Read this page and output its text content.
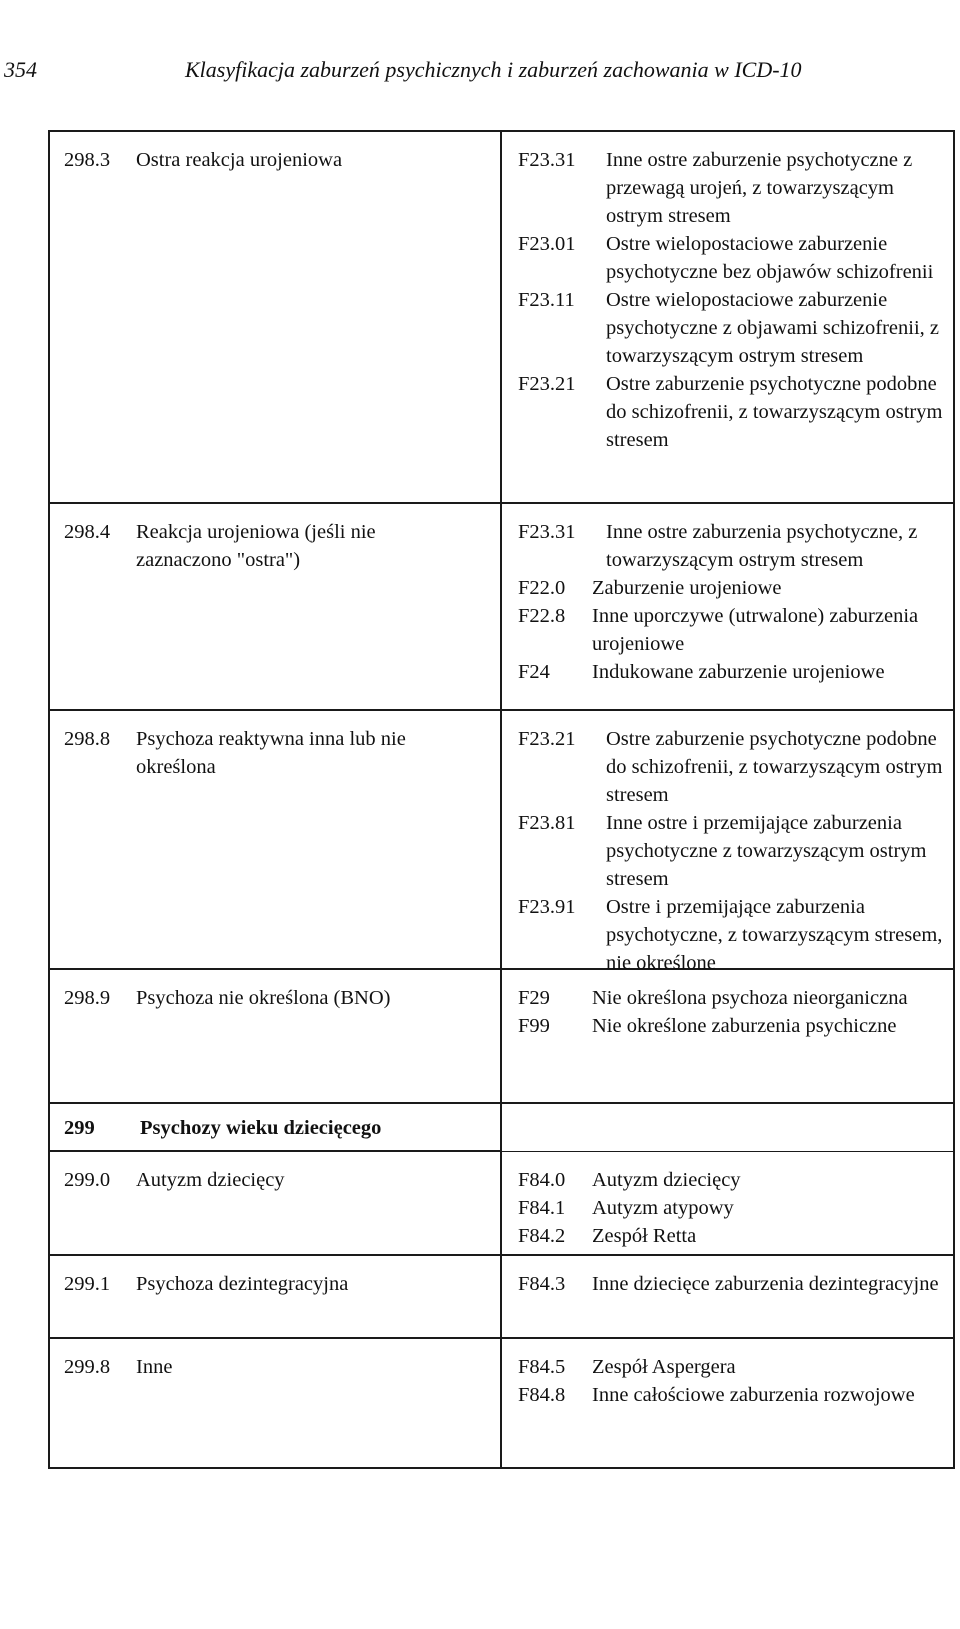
354	Klasyfikacja zaburzeń psychicznych i zaburzeń zachowania w ICD-10
298.3 Ostra reakcja urojeniowa	F23.31	Inne ostre zaburzenie psychotyczne z przewagą urojeń, z towarzyszącym ostrym stresem
F23.01	Ostre wielopostaciowe zaburzenie psychotyczne bez objawów schizofrenii
F23.11	Ostre wielopostaciowe zaburzenie psychotyczne z objawami schizofrenii, z towarzyszącym ostrym stresem
F23.21	Ostre zaburzenie psychotyczne podobne do schizofrenii, z towarzyszącym ostrym stresem
298.4 Reakcja urojeniowa (jeśli nie zaznaczono "ostra")
F23.31	Inne ostre zaburzenia psychotyczne, z towarzyszącym ostrym stresem
F22.0	Zaburzenie urojeniowe
F22.8	Inne uporczywe (utrwalone) zaburzenia urojeniowe
F24	Indukowane zaburzenie urojeniowe
298.8 Psychoza reaktywna inna lub nie określona
F23.21	Ostre zaburzenie psychotyczne podobne do schizofrenii, z towarzyszącym ostrym stresem
F23.81	Inne ostre i przemijające zaburzenia psychotyczne z towarzyszącym ostrym stresem
F23.91	Ostre i przemijające zaburzenia psychotyczne, z towarzyszącym stresem, nie określone
298.9 Psychoza nie określona (BNO)	F29	Nie określona psychoza nieorganiczna
F99	Nie określone zaburzenia psychiczne
299 Psychozy wieku dziecięcego
299.0 Autyzm dziecięcy	F84.0	Autyzm dziecięcy
F84.1	Autyzm atypowy
F84.2	Zespół Retta
299.1 Psychoza dezintegracyjna	F84.3	Inne dziecięce zaburzenia dezintegracyjne
299.8 Inne	F84.5	Zespół Aspergera
F84.8	Inne całościowe zaburzenia rozwojowe
